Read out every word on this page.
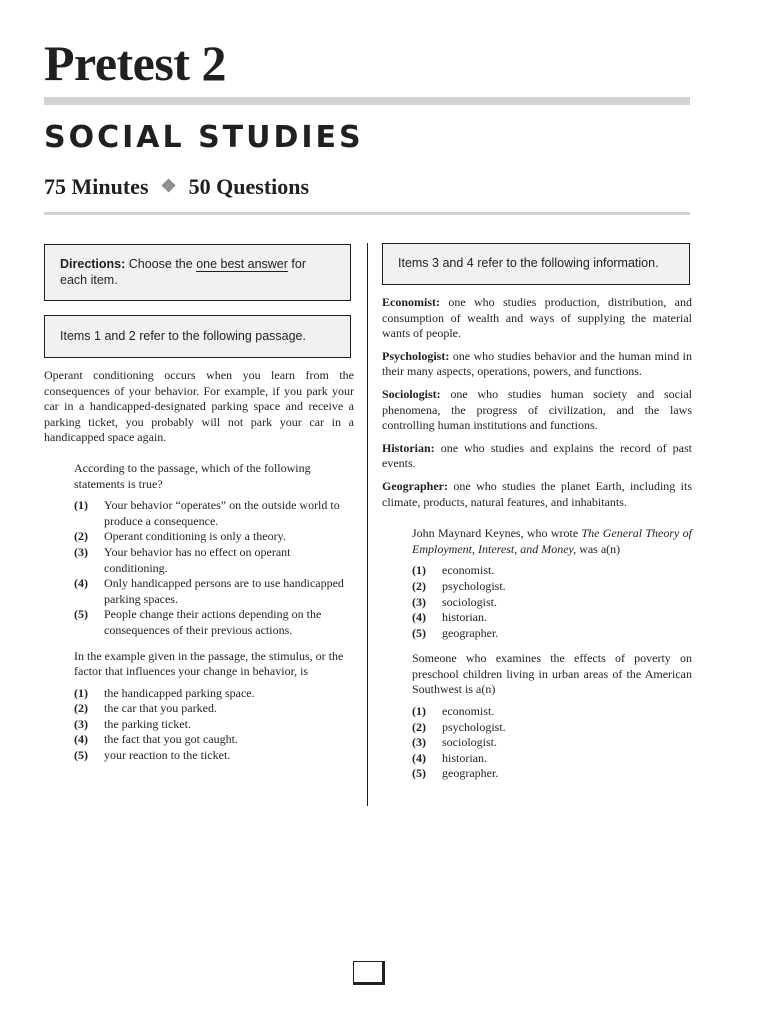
Pretest 2
SOCIAL STUDIES
75 Minutes ❖ 50 Questions
Directions: Choose the one best answer for each item.
Items 1 and 2 refer to the following passage.

Operant conditioning occurs when you learn from the consequences of your behavior. For example, if you park your car in a handicapped-designated parking space and receive a parking ticket, you probably will not park your car in a handicapped space again.

According to the passage, which of the following statements is true?

(1)	Your behavior “operates” on the outside world to produce a consequence.
(2)	Operant conditioning is only a theory.
(3)	Your behavior has no effect on operant conditioning.
(4)	Only handicapped persons are to use handicapped parking spaces.
(5)	People change their actions depending on the consequences of their previous actions.

In the example given in the passage, the stimulus, or the factor that influences your change in behavior, is

(1)	the handicapped parking space.
(2)	the car that you parked.
(3)	the parking ticket.
(4)	the fact that you got caught.
(5)	your reaction to the ticket.
Items 3 and 4 refer to the following information.

Economist: one who studies production, distribution, and consumption of wealth and ways of supplying the material wants of people.

Psychologist: one who studies behavior and the human mind in their many aspects, operations, powers, and functions.

Sociologist: one who studies human society and social phenomena, the progress of civilization, and the laws controlling human institutions and functions.

Historian: one who studies and explains the record of past events.

Geographer: one who studies the planet Earth, including its climate, products, natural features, and inhabitants.

John Maynard Keynes, who wrote The General Theory of Employment, Interest, and Money, was a(n)

(1)	economist.
(2)	psychologist.
(3)	sociologist.
(4)	historian.
(5)	geographer.

Someone who examines the effects of poverty on preschool children living in urban areas of the American Southwest is a(n)

(1)	economist.
(2)	psychologist.
(3)	sociologist.
(4)	historian.
(5)	geographer.
